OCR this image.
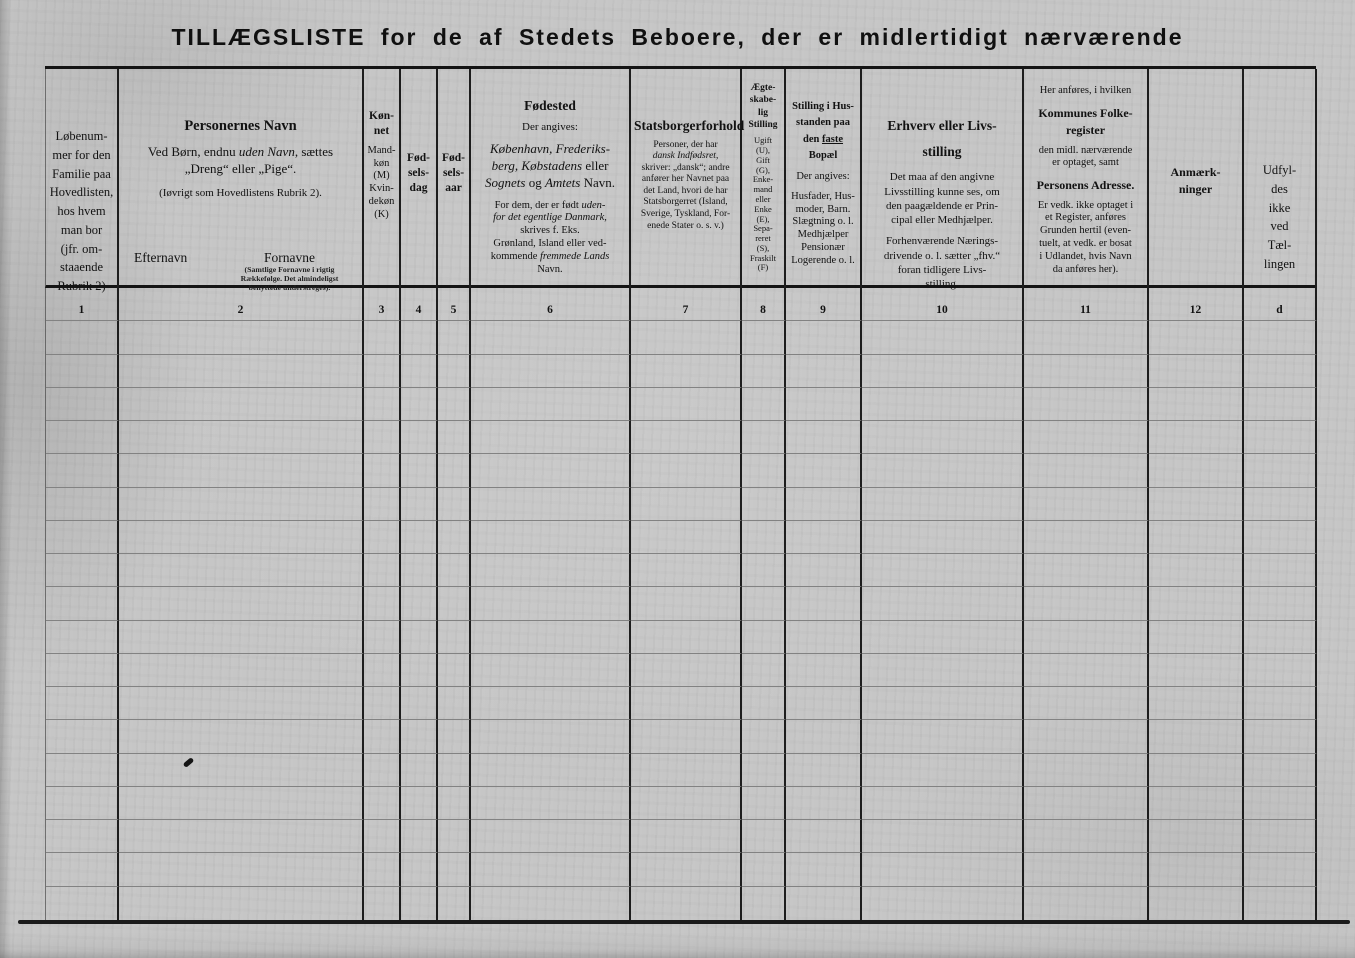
TILLÆGSLISTE for de af Stedets Beboere, der er midlertidigt nærværende
Løbenum-
mer for den
Familie paa
Hovedlisten,
hos hvem
man bor
(jfr. om-
staaende
Rubrik 2)
1
Personernes Navn
Ved Børn, endnu uden Navn, sættes
„Dreng“ eller „Pige“.
(Iøvrigt som Hovedlistens Rubrik 2).
Efternavn	Fornavne
(Samtlige Fornavne i rigtig
Rækkefølge. Det almindeligst
benyttede understreges).
2
Køn-
net
Mand-
køn
(M)
Kvin-
dekøn
(K)
3
Fød-
sels-
dag
4
Fød-
sels-
aar
5
Fødested
Der angives:
København, Frederiks-
berg, Købstadens eller
Sognets og Amtets Navn.
For dem, der er født uden-
for det egentlige Danmark,
skrives f. Eks.
Grønland, Island eller ved-
kommende fremmede Lands
Navn.
6
Statsborgerforhold
Personer, der har
dansk Indfødsret,
skriver: „dansk“; andre
anfører her Navnet paa
det Land, hvori de har
Statsborgerret (Island,
Sverige, Tyskland, For-
enede Stater o. s. v.)
7
Ægte-
skabe-
lig
Stilling
Ugift
(U),
Gift
(G),
Enke-
mand
eller
Enke
(E),
Sepa-
reret
(S),
Fraskilt
(F)
8
Stilling i Hus-
standen paa
den faste
Bopæl
Der angives:
Husfader, Hus-
moder, Barn.
Slægtning o. l.
Medhjælper
Pensionær
Logerende o. l.
9
Erhverv eller Livs-
stilling
Det maa af den angivne
Livsstilling kunne ses, om
den paagældende er Prin-
cipal eller Medhjælper.
Forhenværende Nærings-
drivende o. l. sætter „fhv.“
foran tidligere Livs-
stilling.
10
Her anføres, i hvilken
Kommunes Folke-
register
den midl. nærværende
er optaget, samt
Personens Adresse.
Er vedk. ikke optaget i
et Register, anføres
Grunden hertil (even-
tuelt, at vedk. er bosat
i Udlandet, hvis Navn
da anføres her).
11
Anmærk-
ninger
12
Udfyl-
des
ikke
ved
Tæl-
lingen
d
